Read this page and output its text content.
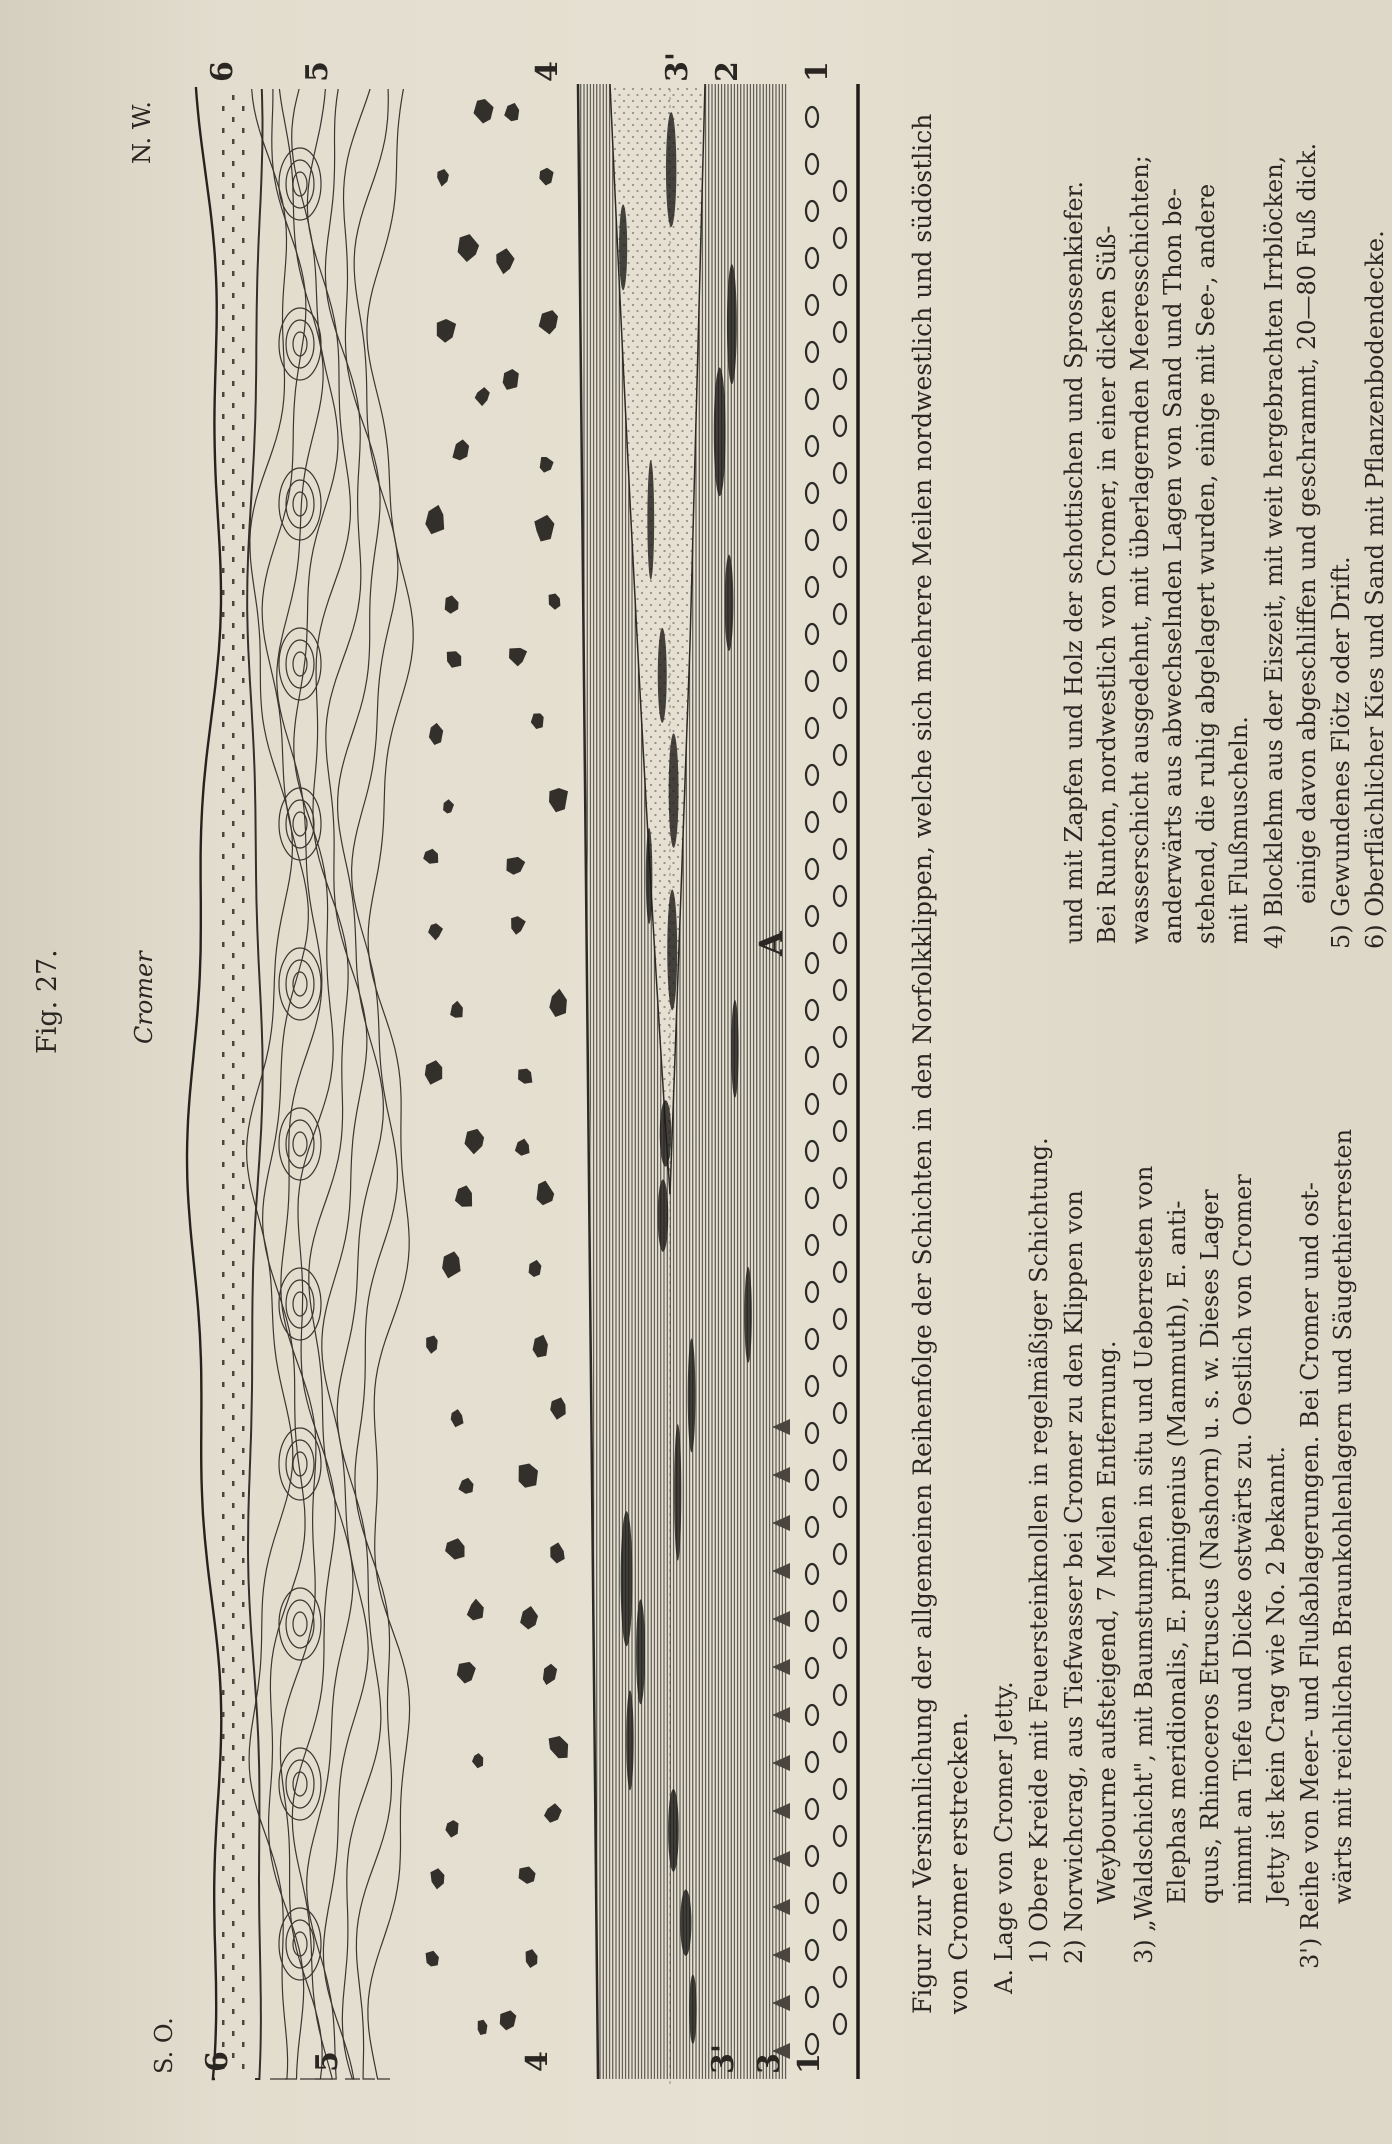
1
3
3'
4
5
6
1
2
3'
4
5
6
S. O.
N. W.
Cromer
Fig. 27.
A	Figur zur Versinnlichung der allgemeinen Reihenfolge der Schichten in den Norfolkklippen, welche sich mehrere Meilen nordwestlich und südöstlich von Cromer erstrecken. A. Lage von Cromer Jetty. 1) Obere Kreide mit Feuersteinknollen in regelmäßiger Schichtung. 2) Norwichcrag, aus Tiefwasser bei Cromer zu den Klippen von Weybourne aufsteigend, 7 Meilen Entfernung. 3) „Waldschicht", mit Baumstumpfen in situ und Ueberresten von Elephas meridionalis, E. primigenius (Mammuth), E. anti- quus, Rhinoceros Etruscus (Nashorn) u. s. w. Dieses Lager nimmt an Tiefe und Dicke ostwärts zu. Oestlich von Cromer Jetty ist kein Crag wie No. 2 bekannt. 3') Reihe von Meer- und Flußablagerungen. Bei Cromer und ost- wärts mit reichlichen Braunkohlenlagern und Säugethierresten
und mit Zapfen und Holz der schottischen und Sprossenkiefer. Bei Runton, nordwestlich von Cromer, in einer dicken Süß- wasserschicht ausgedehnt, mit überlagernden Meeresschichten; anderwärts aus abwechselnden Lagen von Sand und Thon be- stehend, die ruhig abgelagert wurden, einige mit See-, andere mit Flußmuscheln. 4) Blocklehm aus der Eiszeit, mit weit hergebrachten Irrblöcken, einige davon abgeschliffen und geschrammt, 20—80 Fuß dick. 5) Gewundenes Flötz oder Drift. 6) Oberflächlicher Kies und Sand mit Pflanzenbodendecke.
